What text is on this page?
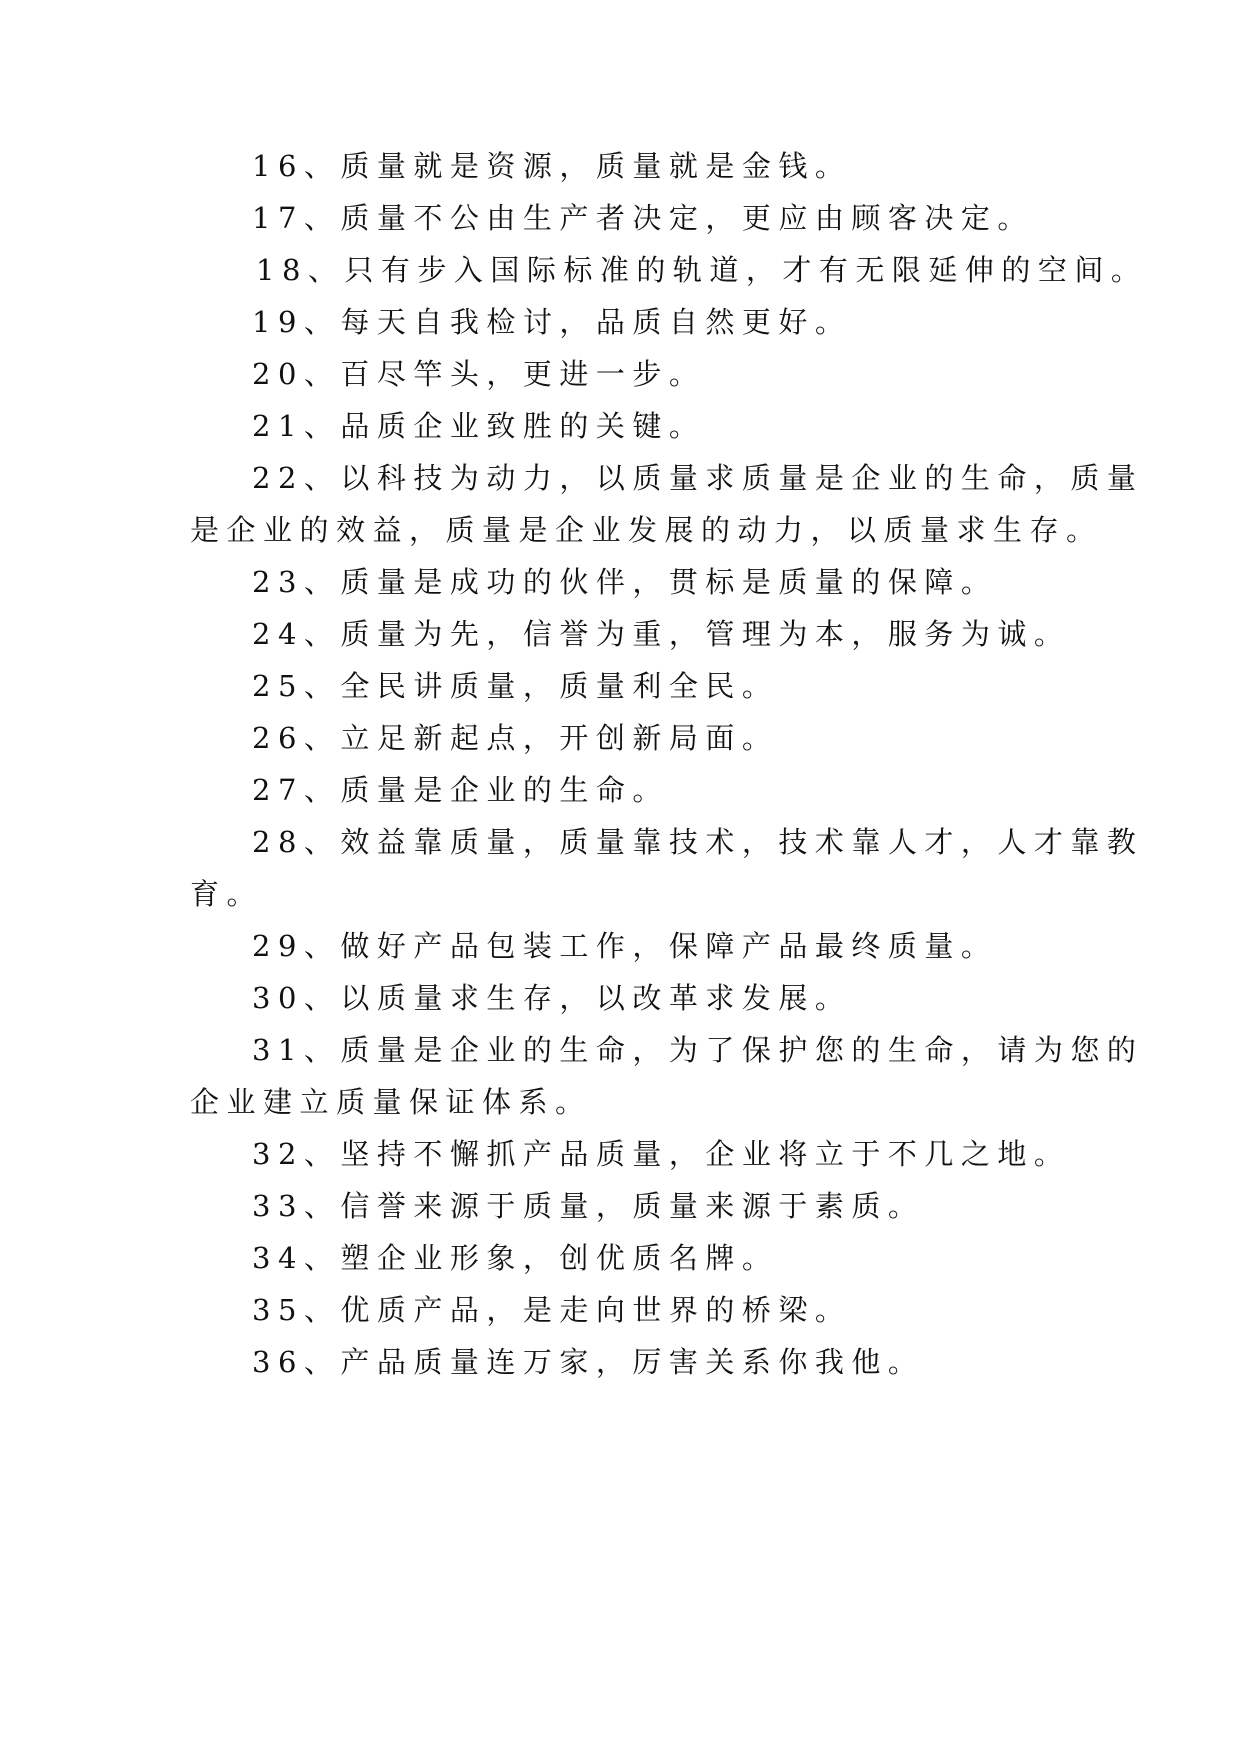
16、质量就是资源，质量就是金钱。
17、质量不公由生产者决定，更应由顾客决定。
18、只有步入国际标准的轨道，才有无限延伸的空间。
19、每天自我检讨，品质自然更好。
20、百尽竿头，更进一步。
21、品质企业致胜的关键。
22、以科技为动力，以质量求质量是企业的生命，质量
是企业的效益，质量是企业发展的动力，以质量求生存。
23、质量是成功的伙伴，贯标是质量的保障。
24、质量为先，信誉为重，管理为本，服务为诚。
25、全民讲质量，质量利全民。
26、立足新起点，开创新局面。
27、质量是企业的生命。
28、效益靠质量，质量靠技术，技术靠人才，人才靠教
育。
29、做好产品包装工作，保障产品最终质量。
30、以质量求生存，以改革求发展。
31、质量是企业的生命，为了保护您的生命，请为您的
企业建立质量保证体系。
32、坚持不懈抓产品质量，企业将立于不几之地。
33、信誉来源于质量，质量来源于素质。
34、塑企业形象，创优质名牌。
35、优质产品，是走向世界的桥梁。
36、产品质量连万家，厉害关系你我他。
